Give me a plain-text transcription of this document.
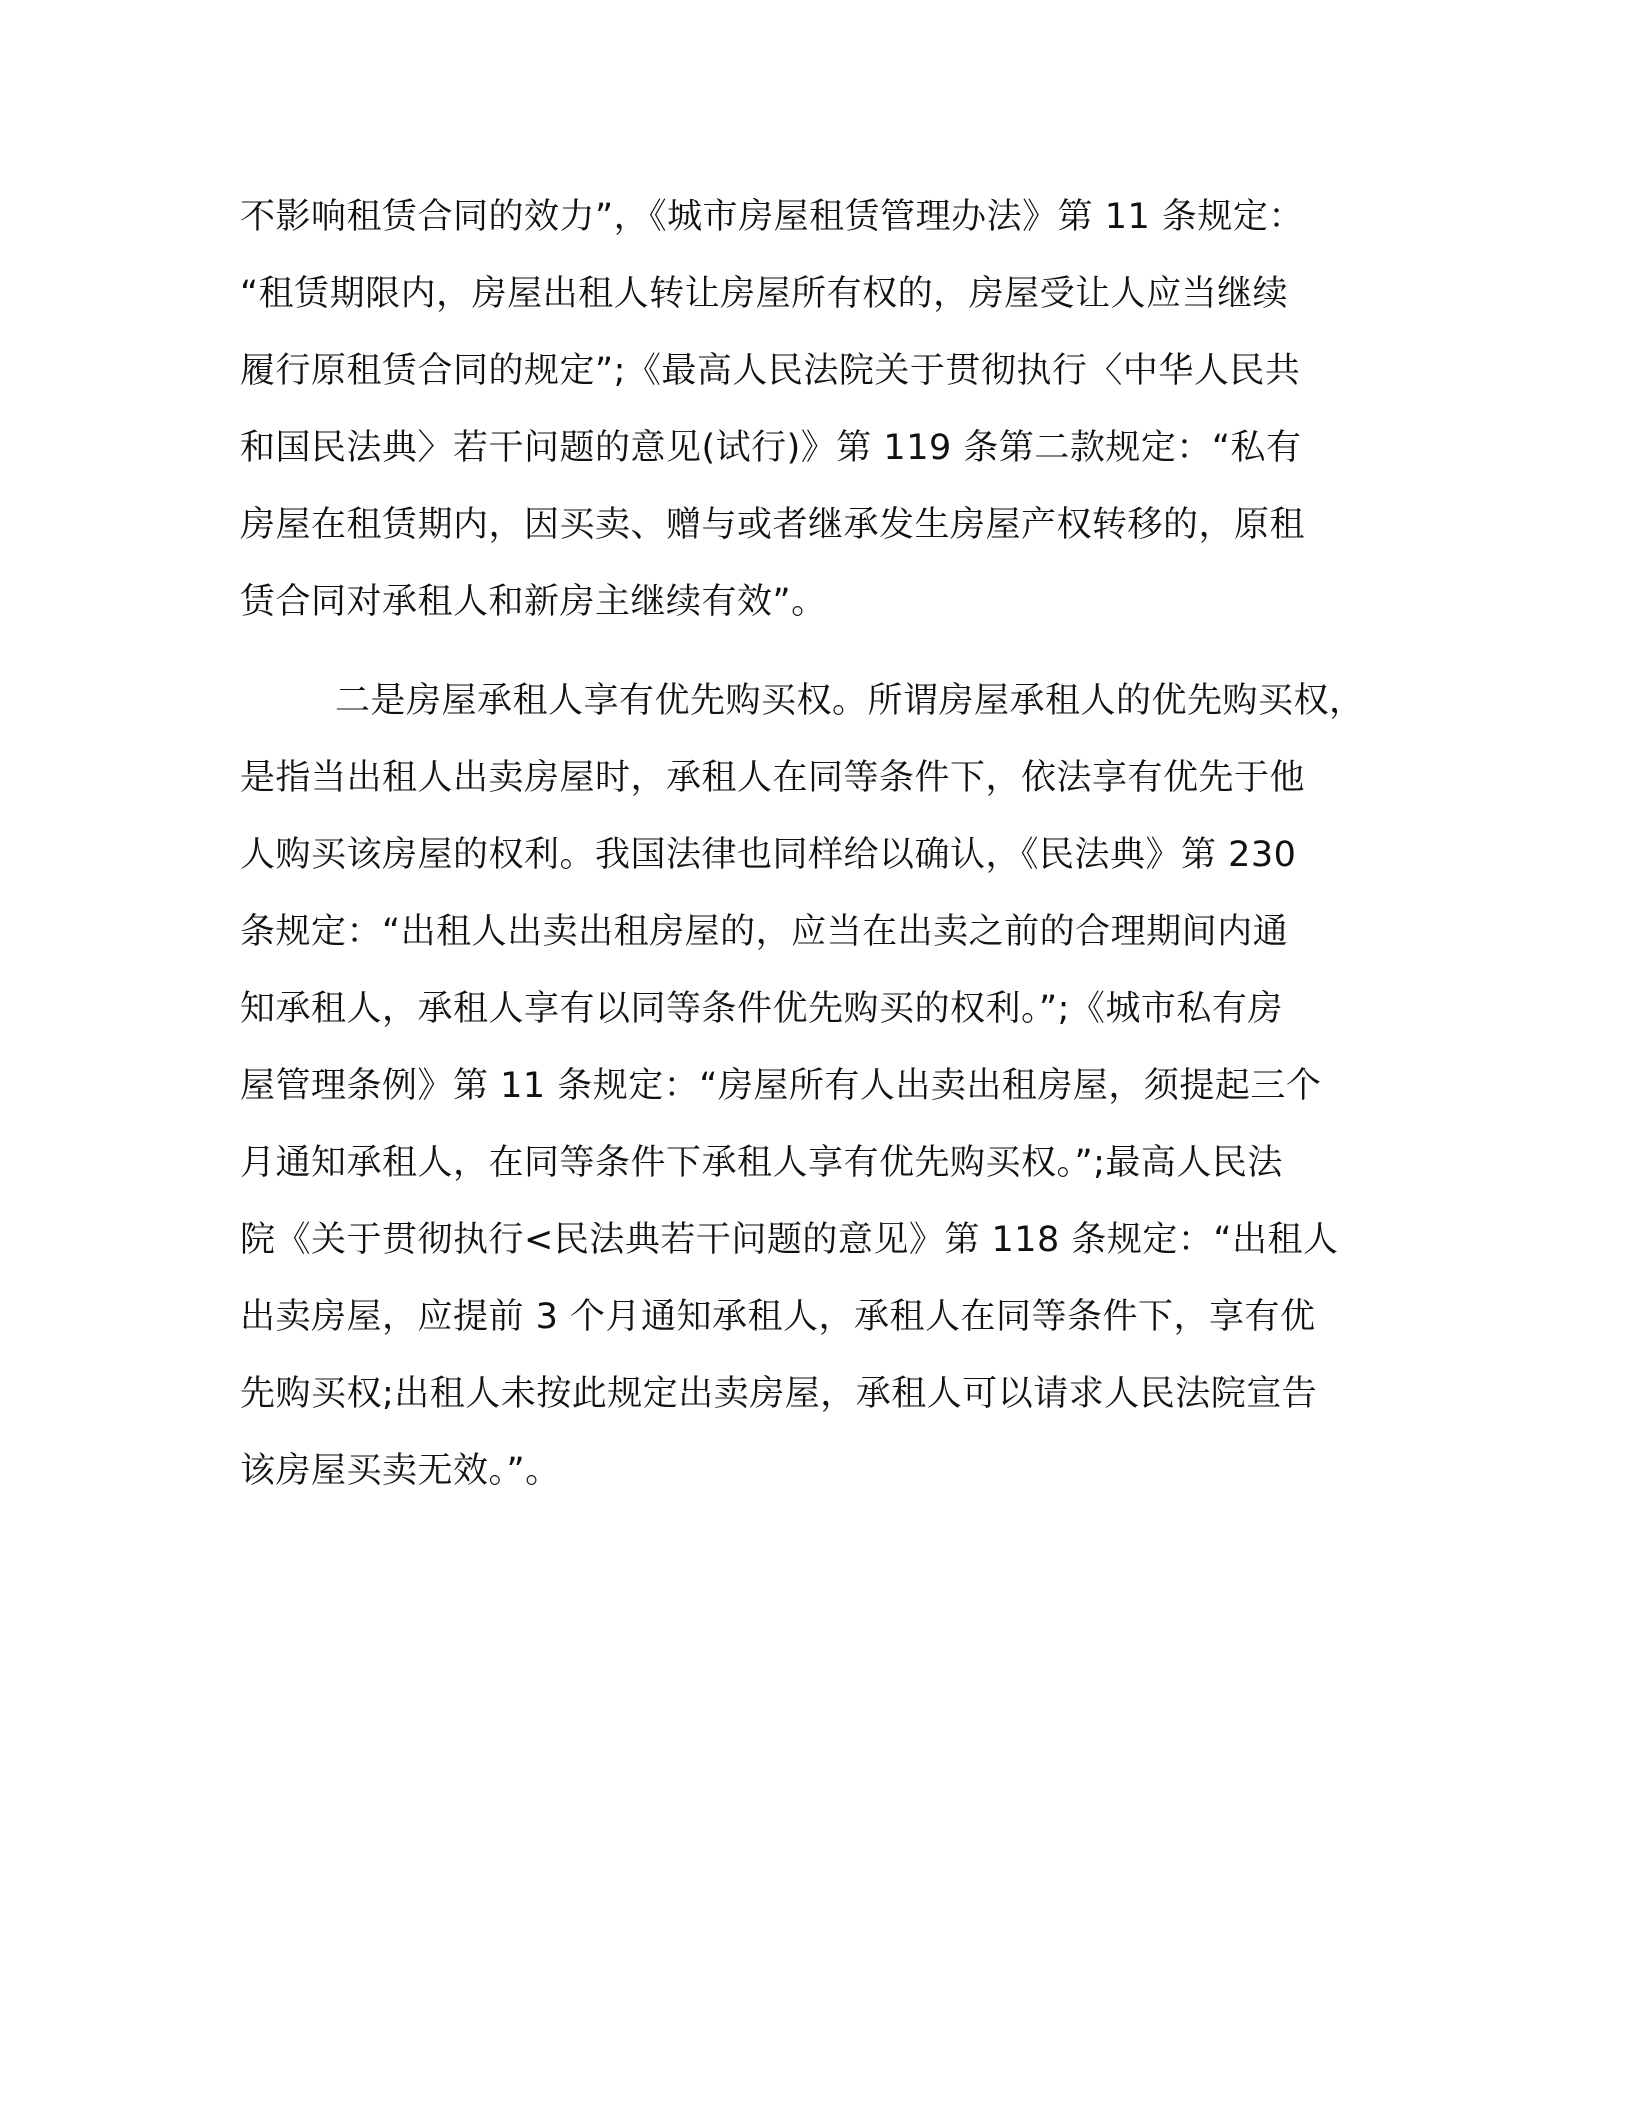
不影响租赁合同的效力”，《城市房屋租赁管理办法》第 11 条规定：

“租赁期限内，房屋出租人转让房屋所有权的，房屋受让人应当继续

履行原租赁合同的规定”;《最高人民法院关于贯彻执行〈中华人民共

和国民法典〉若干问题的意见(试行)》第 119 条第二款规定：“私有

房屋在租赁期内，因买卖、赠与或者继承发生房屋产权转移的，原租

赁合同对承租人和新房主继续有效”。

二是房屋承租人享有优先购买权。所谓房屋承租人的优先购买权，

是指当出租人出卖房屋时，承租人在同等条件下，依法享有优先于他

人购买该房屋的权利。我国法律也同样给以确认，《民法典》第 230

条规定：“出租人出卖出租房屋的，应当在出卖之前的合理期间内通

知承租人，承租人享有以同等条件优先购买的权利。”;《城市私有房

屋管理条例》第 11 条规定：“房屋所有人出卖出租房屋，须提起三个

月通知承租人，在同等条件下承租人享有优先购买权。”;最高人民法

院《关于贯彻执行<民法典若干问题的意见》第 118 条规定：“出租人

出卖房屋，应提前 3 个月通知承租人，承租人在同等条件下，享有优

先购买权;出租人未按此规定出卖房屋，承租人可以请求人民法院宣告

该房屋买卖无效。”。
